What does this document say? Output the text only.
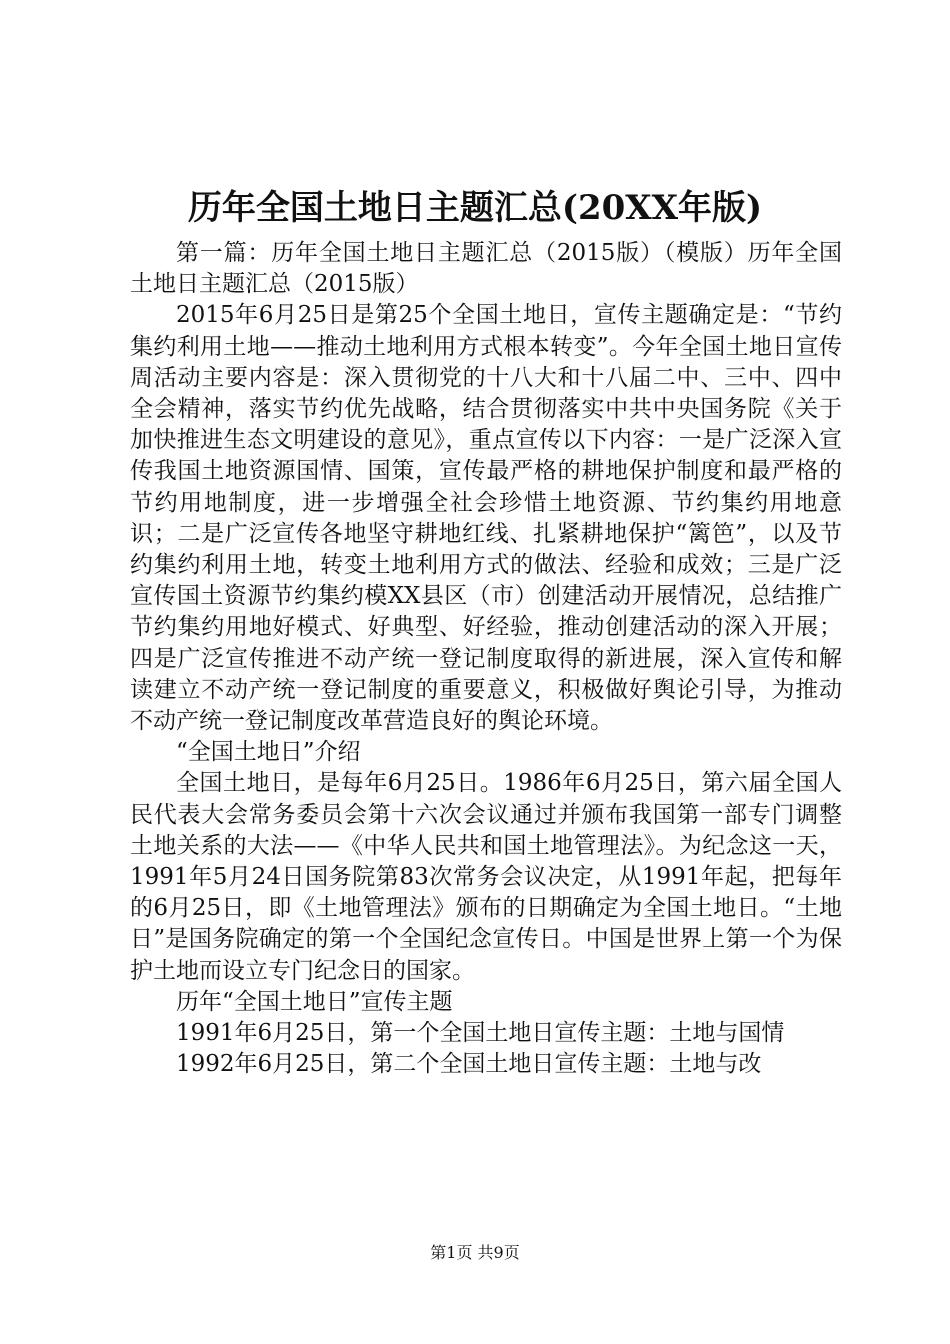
历年全国土地日主题汇总(20XX年版)

第一篇：历年全国土地日主题汇总（2015版）（模版）历年全国土地日主题汇总（2015版）

2015年6月25日是第25个全国土地日，宣传主题确定是：“节约集约利用土地——推动土地利用方式根本转变”。今年全国土地日宣传周活动主要内容是：深入贯彻党的十八大和十八届二中、三中、四中全会精神，落实节约优先战略，结合贯彻落实中共中央国务院《关于加快推进生态文明建设的意见》，重点宣传以下内容：一是广泛深入宣传我国土地资源国情、国策，宣传最严格的耕地保护制度和最严格的节约用地制度，进一步增强全社会珍惜土地资源、节约集约用地意识；二是广泛宣传各地坚守耕地红线、扎紧耕地保护“篱笆”，以及节约集约利用土地，转变土地利用方式的做法、经验和成效；三是广泛宣传国土资源节约集约模XX县区（市）创建活动开展情况，总结推广节约集约用地好模式、好典型、好经验，推动创建活动的深入开展；四是广泛宣传推进不动产统一登记制度取得的新进展，深入宣传和解读建立不动产统一登记制度的重要意义，积极做好舆论引导，为推动不动产统一登记制度改革营造良好的舆论环境。

“全国土地日”介绍

全国土地日，是每年6月25日。1986年6月25日，第六届全国人民代表大会常务委员会第十六次会议通过并颁布我国第一部专门调整土地关系的大法——《中华人民共和国土地管理法》。为纪念这一天，1991年5月24日国务院第83次常务会议决定，从1991年起，把每年的6月25日，即《土地管理法》颁布的日期确定为全国土地日。“土地日”是国务院确定的第一个全国纪念宣传日。中国是世界上第一个为保护土地而设立专门纪念日的国家。

历年“全国土地日”宣传主题

1991年6月25日，第一个全国土地日宣传主题：土地与国情

1992年6月25日，第二个全国土地日宣传主题：土地与改

第1页 共9页
